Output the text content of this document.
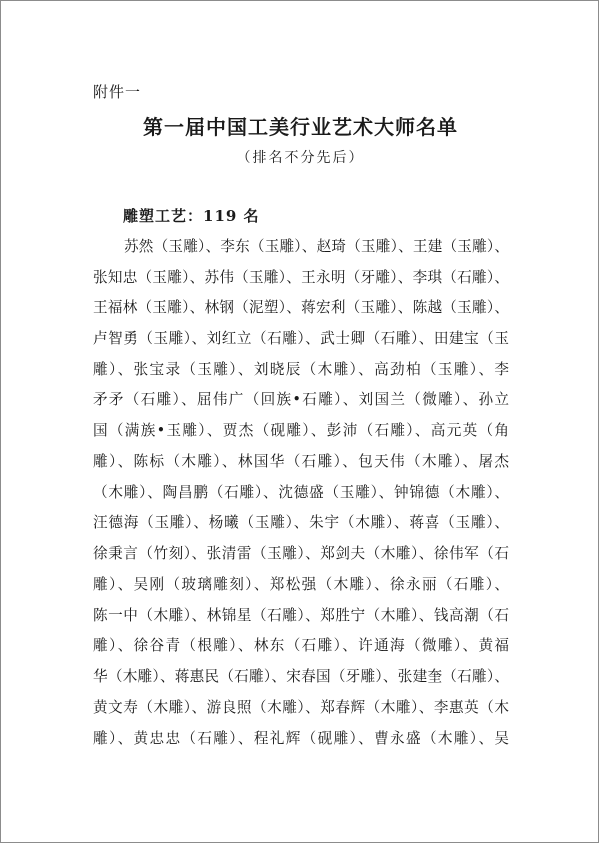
附件一
第一届中国工美行业艺术大师名单
（排名不分先后）
雕塑工艺：119 名
苏然（玉雕）、李东（玉雕）、赵琦（玉雕）、王建（玉雕）、
张知忠（玉雕）、苏伟（玉雕）、王永明（牙雕）、李琪（石雕）、
王福林（玉雕）、林钢（泥塑）、蒋宏利（玉雕）、陈越（玉雕）、
卢智勇（玉雕）、刘红立（石雕）、武士卿（石雕）、田建宝（玉
雕）、张宝录（玉雕）、刘晓辰（木雕）、高劲柏（玉雕）、李
矛矛（石雕）、屈伟广（回族•石雕）、刘国兰（微雕）、孙立
国（满族•玉雕）、贾杰（砚雕）、彭沛（石雕）、高元英（角
雕）、陈标（木雕）、林国华（石雕）、包天伟（木雕）、屠杰
（木雕）、陶昌鹏（石雕）、沈德盛（玉雕）、钟锦德（木雕）、
汪德海（玉雕）、杨曦（玉雕）、朱宇（木雕）、蒋喜（玉雕）、
徐秉言（竹刻）、张清雷（玉雕）、郑剑夫（木雕）、徐伟军（石
雕）、吴刚（玻璃雕刻）、郑松强（木雕）、徐永丽（石雕）、
陈一中（木雕）、林锦星（石雕）、郑胜宁（木雕）、钱高潮（石
雕）、徐谷青（根雕）、林东（石雕）、许通海（微雕）、黄福
华（木雕）、蒋惠民（石雕）、宋春国（牙雕）、张建奎（石雕）、
黄文寿（木雕）、游良照（木雕）、郑春辉（木雕）、李惠英（木
雕）、黄忠忠（石雕）、程礼辉（砚雕）、曹永盛（木雕）、吴
